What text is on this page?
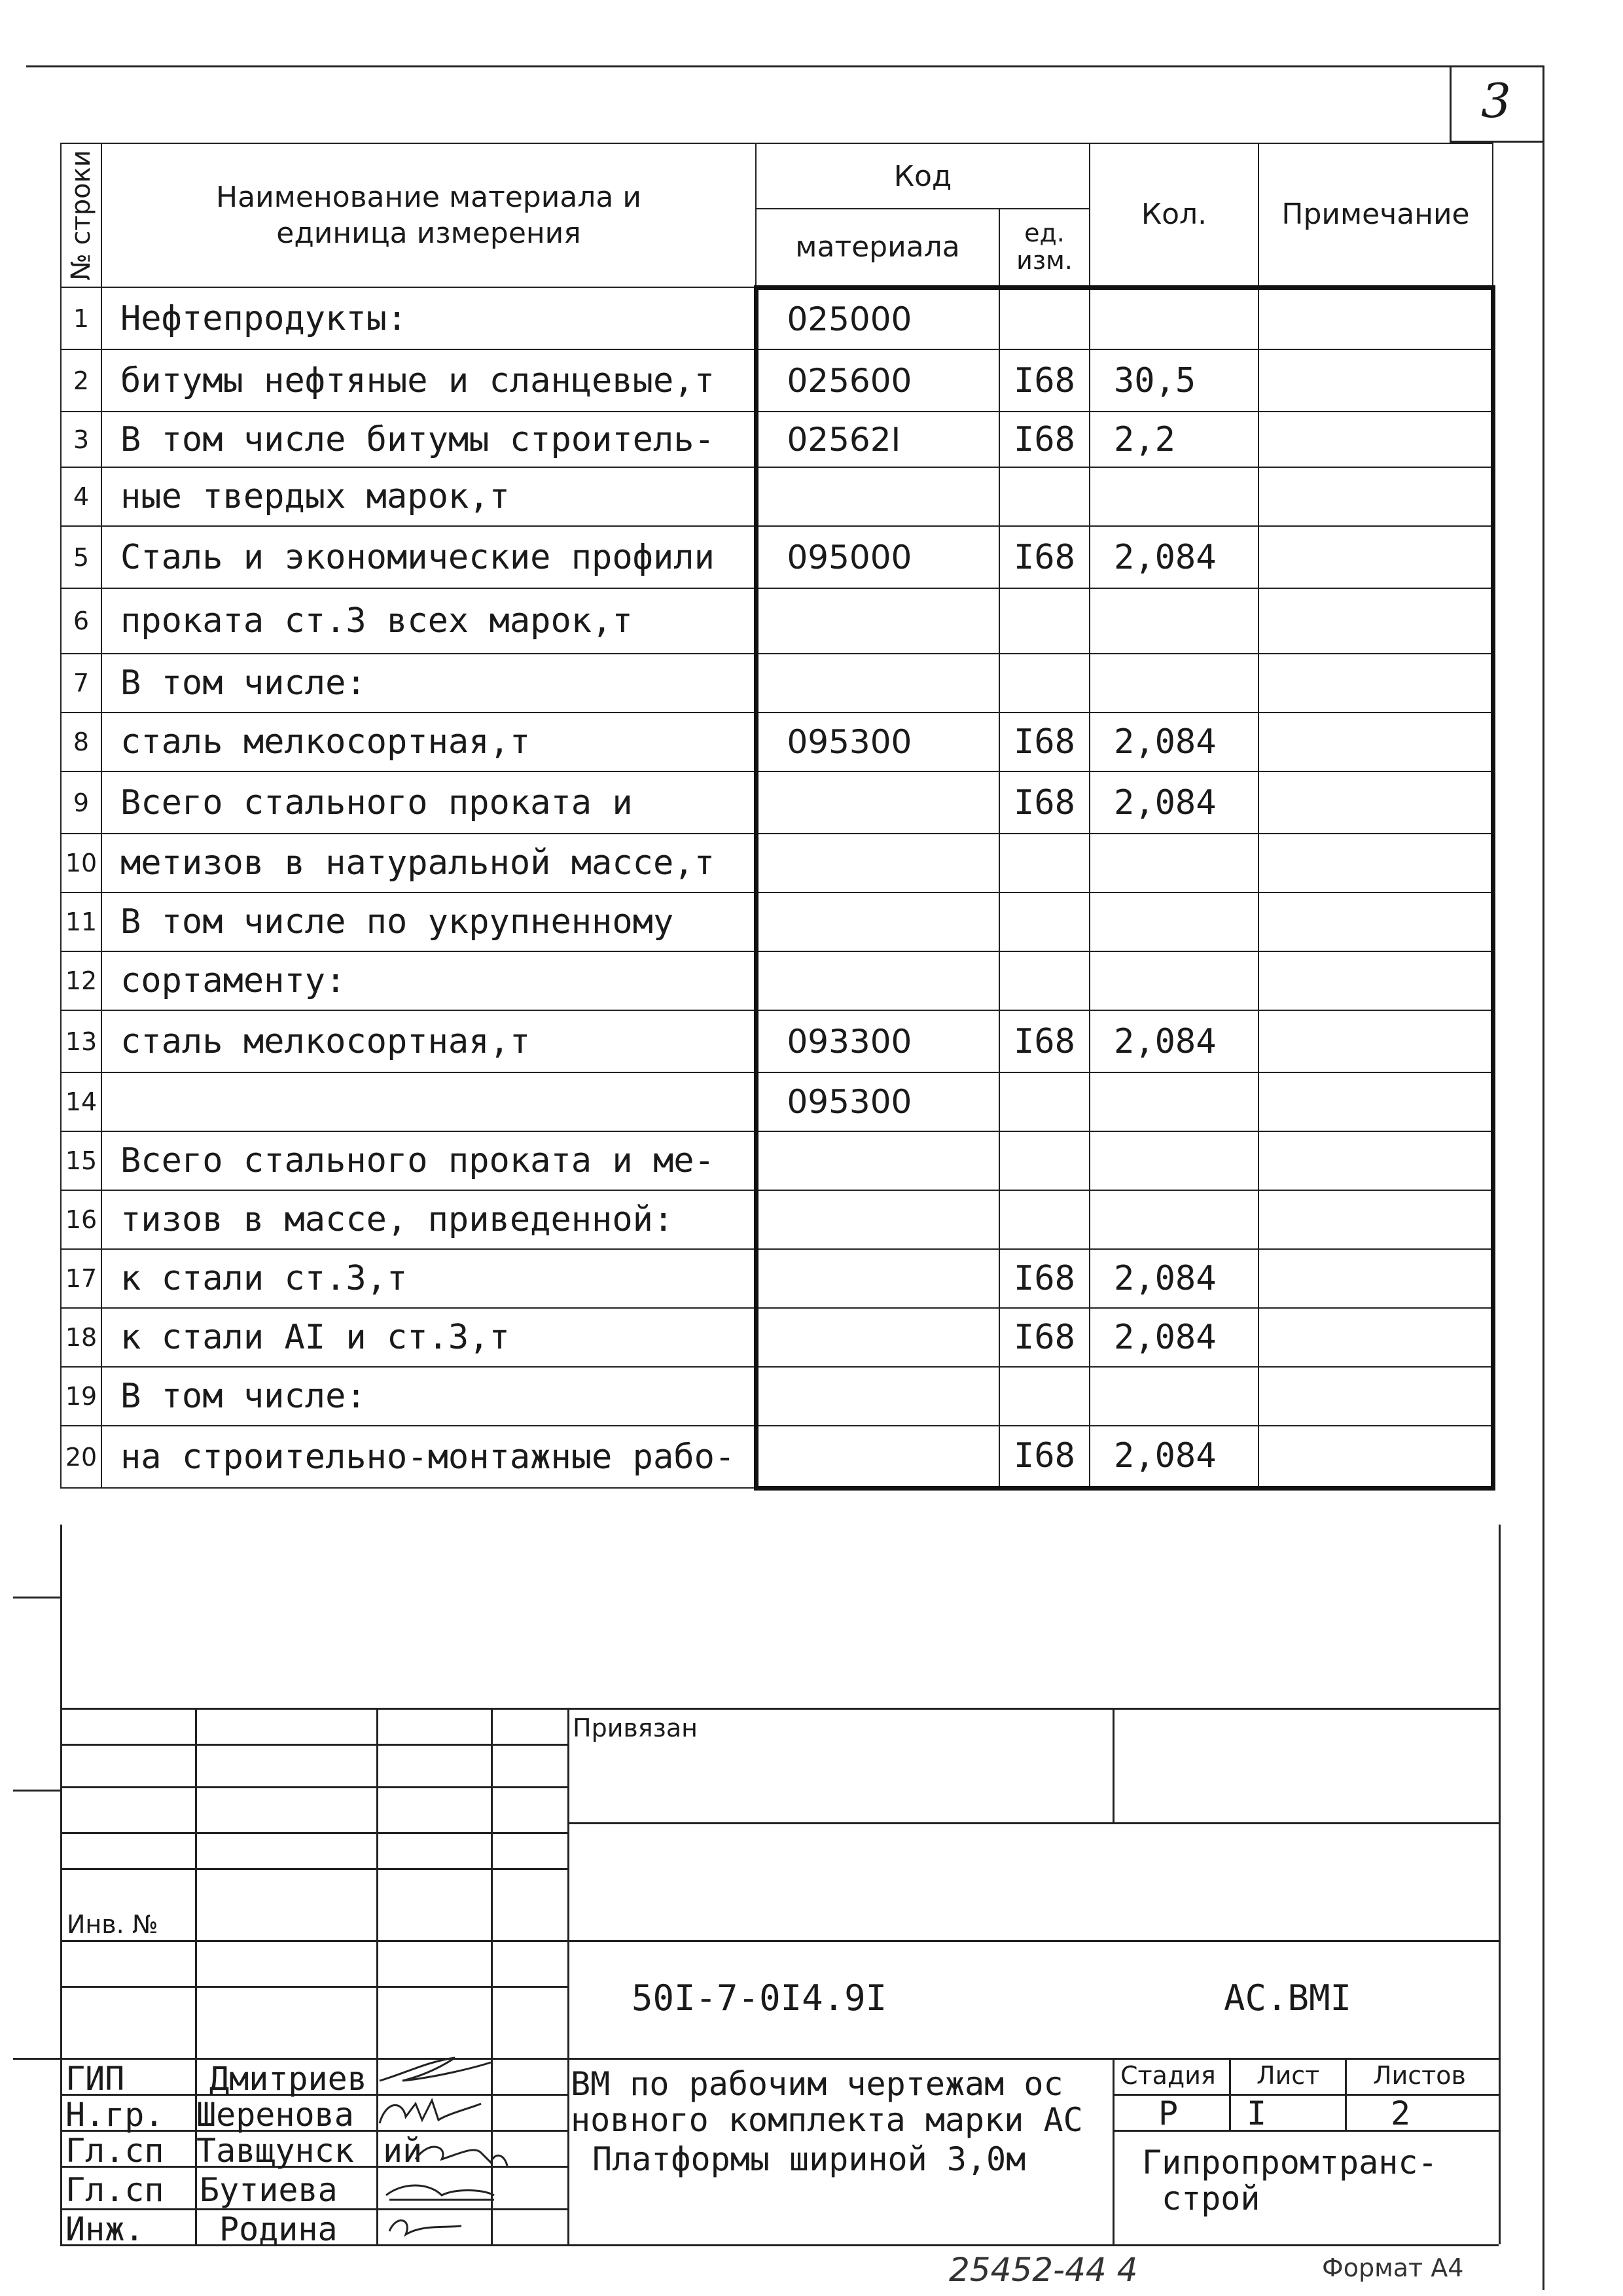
3
№ строки	Наименование материала и единица измерения	Код		Кол.	Примечание
		материала	ед. изм.		
1	Нефтепродукты:	025000			
2	битумы нефтяные и сланцевые,т	025600	I68	30,5	
3	В том числе битумы строитель-	02562I	I68	2,2	
4	ные твердых марок,т				
5	Сталь и экономические профили	095000	I68	2,084	
6	проката ст.3 всех марок,т				
7	В том числе:				
8	сталь мелкосортная,т	095300	I68	2,084	
9	Всего стального проката и		I68	2,084	
10	метизов в натуральной массе,т				
11	В том числе по укрупненному				
12	сортаменту:				
13	сталь мелкосортная,т	093300	I68	2,084	
14		095300			
15	Всего стального проката и ме-				
16	тизов в массе, приведенной:				
17	к стали ст.3,т		I68	2,084	
18	к стали AI и ст.3,т		I68	2,084	
19	В том числе:				
20	на строительно-монтажные рабо-		I68	2,084	
Привязан
Инв. №
50I-7-0I4.9I	АС.ВМI
ВМ по рабочим чертежам ос
новного комплекта марки АС
Платформы шириной 3,0м
Стадия Лист Листов
Р I	2
Гипропромтранс-
строй
ГИП	Дмитриев
Н.гр. Шеренова
Гл.сп Тавщунск ий
Гл.сп Бутиева
Инж. Родина
25452-44 4	Формат А4
